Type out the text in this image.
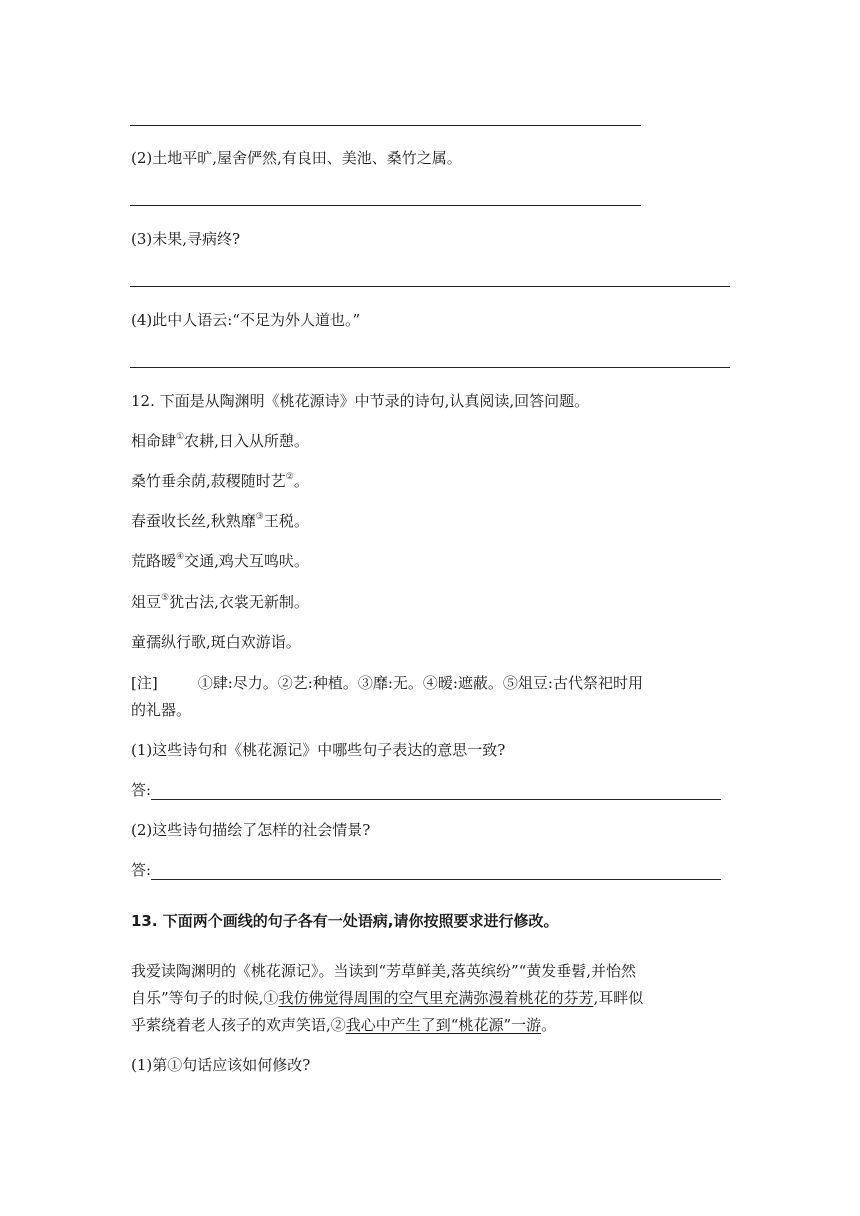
(2)土地平旷,屋舍俨然,有良田、美池、桑竹之属。
(3)未果,寻病终?
(4)此中人语云:“不足为外人道也。”
12. 下面是从陶渊明《桃花源诗》中节录的诗句,认真阅读,回答问题。
相命肆①农耕,日入从所憩。
桑竹垂余荫,菽稷随时艺②。
春蚕收长丝,秋熟靡③王税。
荒路暧④交通,鸡犬互鸣吠。
俎豆⑤犹古法,衣裳无新制。
童孺纵行歌,斑白欢游诣。
[注]	①肆:尽力。②艺:种植。③靡:无。④暧:遮蔽。⑤俎豆:古代祭祀时用
的礼器。
(1)这些诗句和《桃花源记》中哪些句子表达的意思一致?
答:
(2)这些诗句描绘了怎样的社会情景?
答:
13. 下面两个画线的句子各有一处语病,请你按照要求进行修改。
我爱读陶渊明的《桃花源记》。当读到“芳草鲜美,落英缤纷”“黄发垂髫,并怡然
自乐”等句子的时候,①我仿佛觉得周围的空气里充满弥漫着桃花的芬芳,耳畔似
乎萦绕着老人孩子的欢声笑语,②我心中产生了到“桃花源”一游。
(1)第①句话应该如何修改?
